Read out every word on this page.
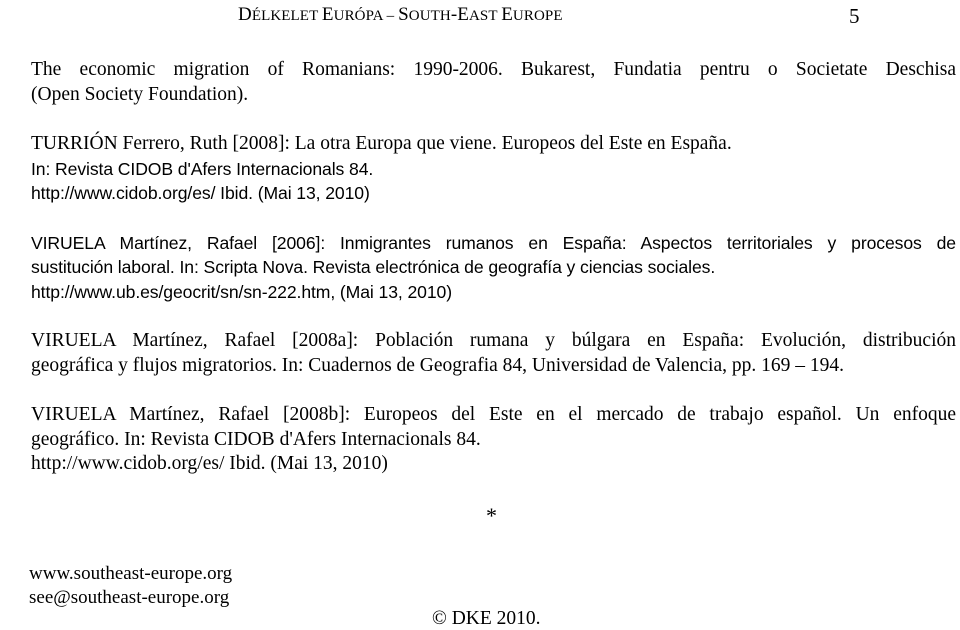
DÉLKELET EURÓPA – SOUTH-EAST EUROPE	5
The economic migration of Romanians: 1990-2006. Bukarest, Fundatia pentru o Societate Deschisa
(Open Society Foundation).
TURRIÓN Ferrero, Ruth [2008]: La otra Europa que viene. Europeos del Este en España.
In: Revista CIDOB d'Afers Internacionals 84.
http://www.cidob.org/es/ Ibid. (Mai 13, 2010)
VIRUELA Martínez, Rafael [2006]: Inmigrantes rumanos en España: Aspectos territoriales y procesos de
sustitución laboral. In: Scripta Nova. Revista electrónica de geografía y ciencias sociales.
http://www.ub.es/geocrit/sn/sn-222.htm, (Mai 13, 2010)
VIRUELA Martínez, Rafael [2008a]: Población rumana y búlgara en España: Evolución, distribución
geográfica y flujos migratorios. In: Cuadernos de Geografia 84, Universidad de Valencia, pp. 169 – 194.
VIRUELA Martínez, Rafael [2008b]: Europeos del Este en el mercado de trabajo español. Un enfoque
geográfico. In: Revista CIDOB d'Afers Internacionals 84.
http://www.cidob.org/es/ Ibid. (Mai 13, 2010)
*
www.southeast-europe.org
see@southeast-europe.org
© DKE 2010.
